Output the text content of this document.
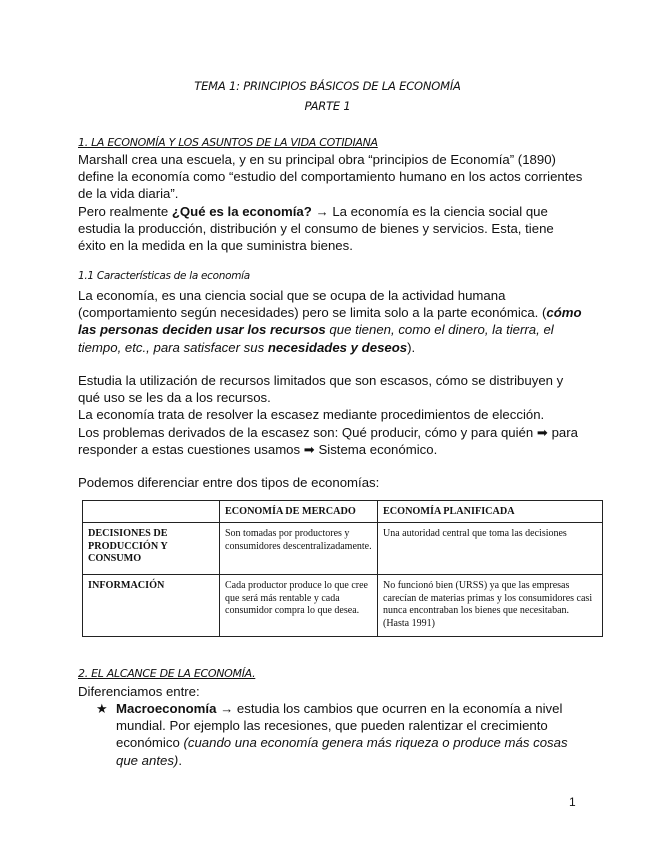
TEMA 1: PRINCIPIOS BÁSICOS DE LA ECONOMÍA
PARTE 1
1. LA ECONOMÍA Y LOS ASUNTOS DE LA VIDA COTIDIANA

Marshall crea una escuela, y en su principal obra “principios de Economía” (1890) define la economía como “estudio del comportamiento humano en los actos corrientes de la vida diaria”.

Pero realmente ¿Qué es la economía? → La economía es la ciencia social que estudia la producción, distribución y el consumo de bienes y servicios. Esta, tiene éxito en la medida en la que suministra bienes.

1.1 Características de la economía

La economía, es una ciencia social que se ocupa de la actividad humana (comportamiento según necesidades) pero se limita solo a la parte económica. (cómo las personas deciden usar los recursos que tienen, como el dinero, la tierra, el tiempo, etc., para satisfacer sus necesidades y deseos).

Estudia la utilización de recursos limitados que son escasos, cómo se distribuyen y qué uso se les da a los recursos.

La economía trata de resolver la escasez mediante procedimientos de elección.

Los problemas derivados de la escasez son: Qué producir, cómo y para quién ➡ para responder a estas cuestiones usamos ➡ Sistema económico.

Podemos diferenciar entre dos tipos de economías:
	ECONOMÍA DE MERCADO	ECONOMÍA PLANIFICADA
DECISIONES DE PRODUCCIÓN Y CONSUMO	Son tomadas por productores y consumidores descentralizadamente.	Una autoridad central que toma las decisiones
INFORMACIÓN	Cada productor produce lo que cree que será más rentable y cada consumidor compra lo que desea.	No funcionó bien (URSS) ya que las empresas carecían de materias primas y los consumidores casi nunca encontraban los bienes que necesitaban. (Hasta 1991)
2. EL ALCANCE DE LA ECONOMÍA.
Diferenciamos entre:
★ Macroeconomía → estudia los cambios que ocurren en la economía a nivel mundial. Por ejemplo las recesiones, que pueden ralentizar el crecimiento económico (cuando una economía genera más riqueza o produce más cosas que antes).
1
